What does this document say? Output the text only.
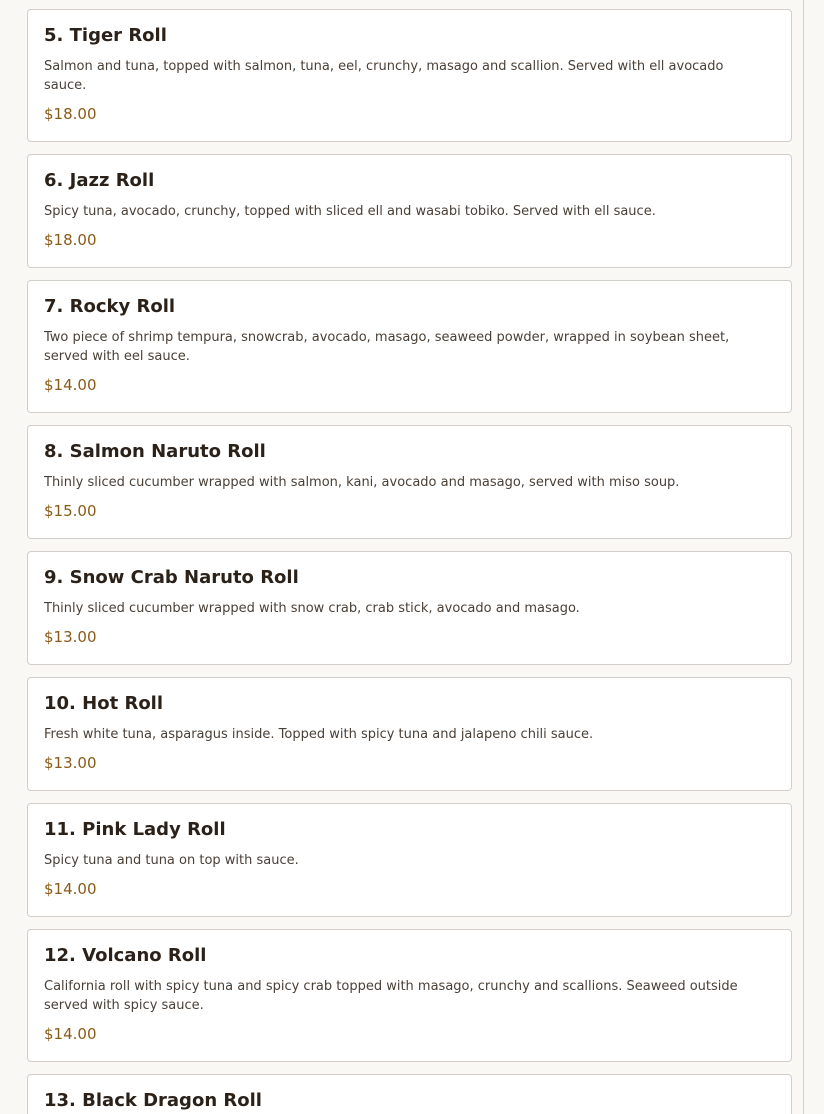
5. Tiger Roll

Salmon and tuna, topped with salmon, tuna, eel, crunchy, masago and scallion. Served with ell avocado sauce.

$18.00

6. Jazz Roll

Spicy tuna, avocado, crunchy, topped with sliced ell and wasabi tobiko. Served with ell sauce.

$18.00

7. Rocky Roll

Two piece of shrimp tempura, snowcrab, avocado, masago, seaweed powder, wrapped in soybean sheet, served with eel sauce.

$14.00

8. Salmon Naruto Roll

Thinly sliced cucumber wrapped with salmon, kani, avocado and masago, served with miso soup.

$15.00

9. Snow Crab Naruto Roll

Thinly sliced cucumber wrapped with snow crab, crab stick, avocado and masago.

$13.00

10. Hot Roll

Fresh white tuna, asparagus inside. Topped with spicy tuna and jalapeno chili sauce.

$13.00

11. Pink Lady Roll

Spicy tuna and tuna on top with sauce.

$14.00

12. Volcano Roll

California roll with spicy tuna and spicy crab topped with masago, crunchy and scallions. Seaweed outside served with spicy sauce.

$14.00

13. Black Dragon Roll
